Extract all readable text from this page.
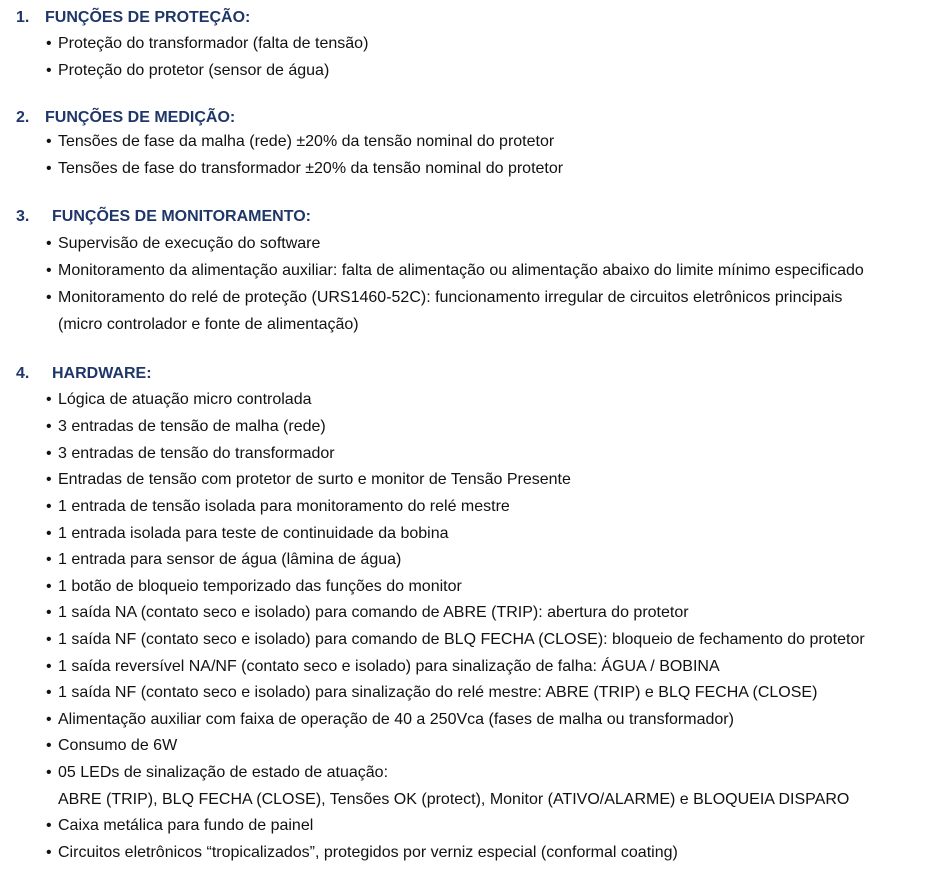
1. FUNÇÕES DE PROTEÇÃO:
• Proteção do transformador (falta de tensão)
• Proteção do protetor (sensor de água)
2. FUNÇÕES DE MEDIÇÃO:
• Tensões de fase da malha (rede) ±20% da tensão nominal do protetor
• Tensões de fase do transformador ±20% da tensão nominal do protetor
3. FUNÇÕES DE MONITORAMENTO:
• Supervisão de execução do software
• Monitoramento da alimentação auxiliar: falta de alimentação ou alimentação abaixo do limite mínimo especificado
• Monitoramento do relé de proteção (URS1460-52C): funcionamento irregular de circuitos eletrônicos principais
(micro controlador e fonte de alimentação)
4. HARDWARE:
• Lógica de atuação micro controlada
• 3 entradas de tensão de malha (rede)
• 3 entradas de tensão do transformador
• Entradas de tensão com protetor de surto e monitor de Tensão Presente
• 1 entrada de tensão isolada para monitoramento do relé mestre
• 1 entrada isolada para teste de continuidade da bobina
• 1 entrada para sensor de água (lâmina de água)
• 1 botão de bloqueio temporizado das funções do monitor
• 1 saída NA (contato seco e isolado) para comando de ABRE (TRIP): abertura do protetor
• 1 saída NF (contato seco e isolado) para comando de BLQ FECHA (CLOSE): bloqueio de fechamento do protetor
• 1 saída reversível NA/NF (contato seco e isolado) para sinalização de falha: ÁGUA / BOBINA
• 1 saída NF (contato seco e isolado) para sinalização do relé mestre: ABRE (TRIP) e BLQ FECHA (CLOSE)
• Alimentação auxiliar com faixa de operação de 40 a 250Vca (fases de malha ou transformador)
• Consumo de 6W
• 05 LEDs de sinalização de estado de atuação:
ABRE (TRIP), BLQ FECHA (CLOSE), Tensões OK (protect), Monitor (ATIVO/ALARME) e BLOQUEIA DISPARO
• Caixa metálica para fundo de painel
• Circuitos eletrônicos “tropicalizados”, protegidos por verniz especial (conformal coating)
